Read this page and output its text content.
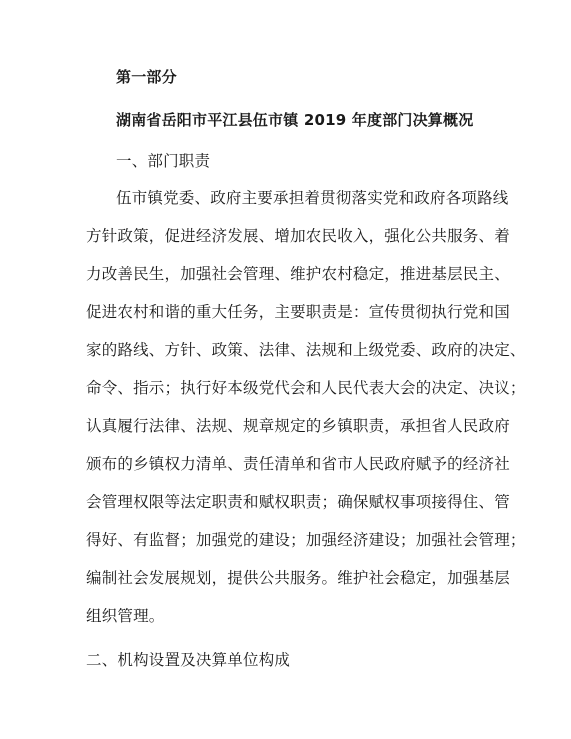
第一部分
湖南省岳阳市平江县伍市镇 2019 年度部门决算概况
一、部门职责
伍市镇党委、政府主要承担着贯彻落实党和政府各项路线
方针政策，促进经济发展、增加农民收入，强化公共服务、着
力改善民生，加强社会管理、维护农村稳定，推进基层民主、
促进农村和谐的重大任务，主要职责是：宣传贯彻执行党和国
家的路线、方针、政策、法律、法规和上级党委、政府的决定、
命令、指示；执行好本级党代会和人民代表大会的决定、决议；
认真履行法律、法规、规章规定的乡镇职责，承担省人民政府
颁布的乡镇权力清单、责任清单和省市人民政府赋予的经济社
会管理权限等法定职责和赋权职责；确保赋权事项接得住、管
得好、有监督；加强党的建设；加强经济建设；加强社会管理；
编制社会发展规划，提供公共服务。维护社会稳定，加强基层
组织管理。
二、机构设置及决算单位构成
